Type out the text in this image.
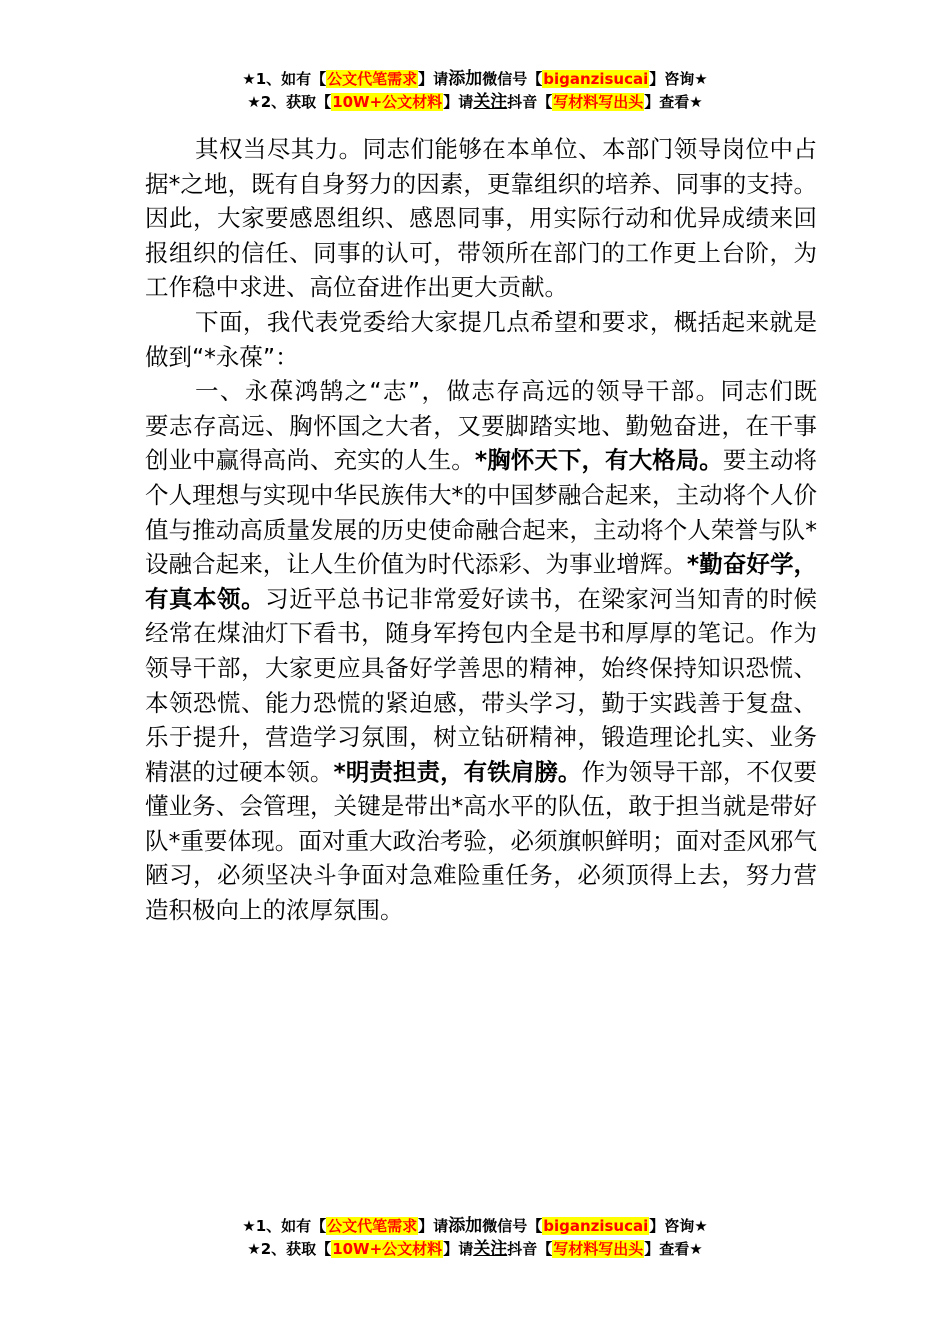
★1、如有【公文代笔需求】请添加微信号【biganzisucai】咨询★
★2、获取【10W+公文材料】请关注抖音【写材料写出头】查看★

其权当尽其力。同志们能够在本单位、本部门领导岗位中占据*之地，既有自身努力的因素，更靠组织的培养、同事的支持。因此，大家要感恩组织、感恩同事，用实际行动和优异成绩来回报组织的信任、同事的认可，带领所在部门的工作更上台阶，为工作稳中求进、高位奋进作出更大贡献。

下面，我代表党委给大家提几点希望和要求，概括起来就是做到“*永葆”：

一、永葆鸿鹄之“志”，做志存高远的领导干部。同志们既要志存高远、胸怀国之大者，又要脚踏实地、勤勉奋进，在干事创业中赢得高尚、充实的人生。*胸怀天下，有大格局。要主动将个人理想与实现中华民族伟大*的中国梦融合起来，主动将个人价值与推动高质量发展的历史使命融合起来，主动将个人荣誉与队*设融合起来，让人生价值为时代添彩、为事业增辉。*勤奋好学，有真本领。习近平总书记非常爱好读书，在梁家河当知青的时候经常在煤油灯下看书，随身军挎包内全是书和厚厚的笔记。作为领导干部，大家更应具备好学善思的精神，始终保持知识恐慌、本领恐慌、能力恐慌的紧迫感，带头学习，勤于实践善于复盘、乐于提升，营造学习氛围，树立钻研精神，锻造理论扎实、业务精湛的过硬本领。*明责担责，有铁肩膀。作为领导干部，不仅要懂业务、会管理，关键是带出*高水平的队伍，敢于担当就是带好队*重要体现。面对重大政治考验，必须旗帜鲜明；面对歪风邪气陋习，必须坚决斗争面对急难险重任务，必须顶得上去，努力营造积极向上的浓厚氛围。

★1、如有【公文代笔需求】请添加微信号【biganzisucai】咨询★
★2、获取【10W+公文材料】请关注抖音【写材料写出头】查看★
